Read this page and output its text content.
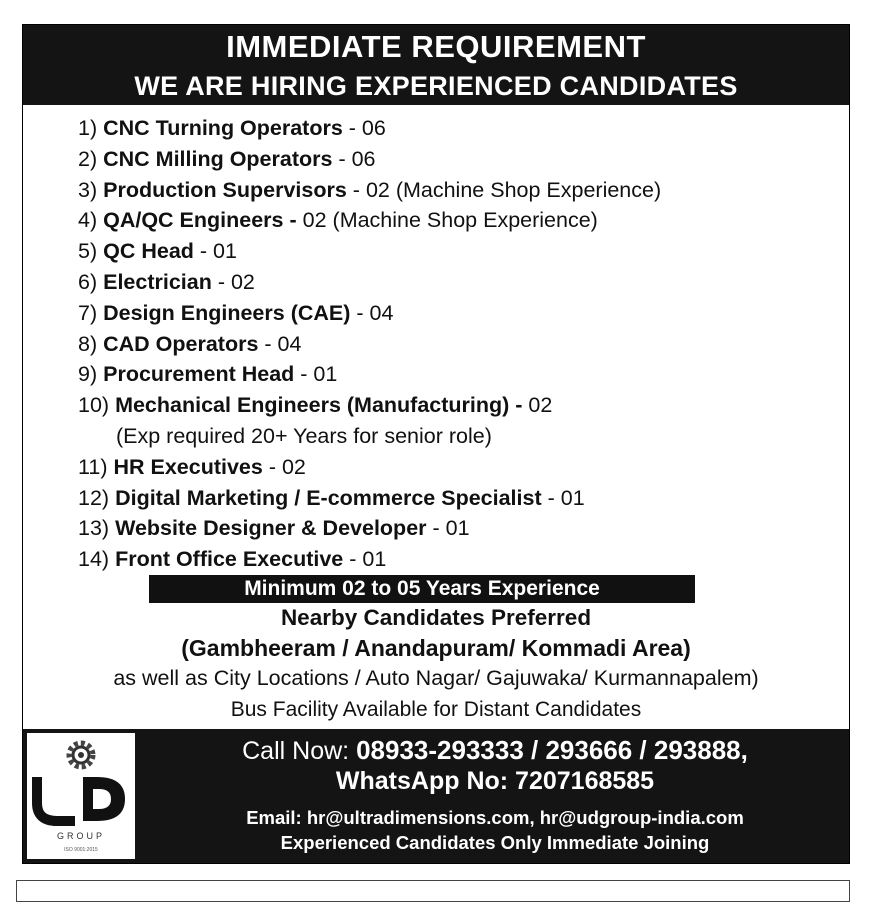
IMMEDIATE REQUIREMENT
WE ARE HIRING EXPERIENCED CANDIDATES
1) CNC Turning Operators - 06
2) CNC Milling Operators - 06
3) Production Supervisors - 02 (Machine Shop Experience)
4) QA/QC Engineers - 02 (Machine Shop Experience)
5) QC Head - 01
6) Electrician - 02
7) Design Engineers (CAE) - 04
8) CAD Operators - 04
9) Procurement Head - 01
10) Mechanical Engineers (Manufacturing) - 02
(Exp required 20+ Years for senior role)
11) HR Executives - 02
12) Digital Marketing / E-commerce Specialist - 01
13) Website Designer & Developer - 01
14) Front Office Executive - 01
Minimum 02 to 05 Years Experience
Nearby Candidates Preferred
(Gambheeram / Anandapuram/ Kommadi Area)
as well as City Locations / Auto Nagar/ Gajuwaka/ Kurmannapalem)
Bus Facility Available for Distant Candidates
GROUP
ISO 9001:2015
Call Now: 08933-293333 / 293666 / 293888,
WhatsApp No: 7207168585
Email: hr@ultradimensions.com, hr@udgroup-india.com
Experienced Candidates Only Immediate Joining
